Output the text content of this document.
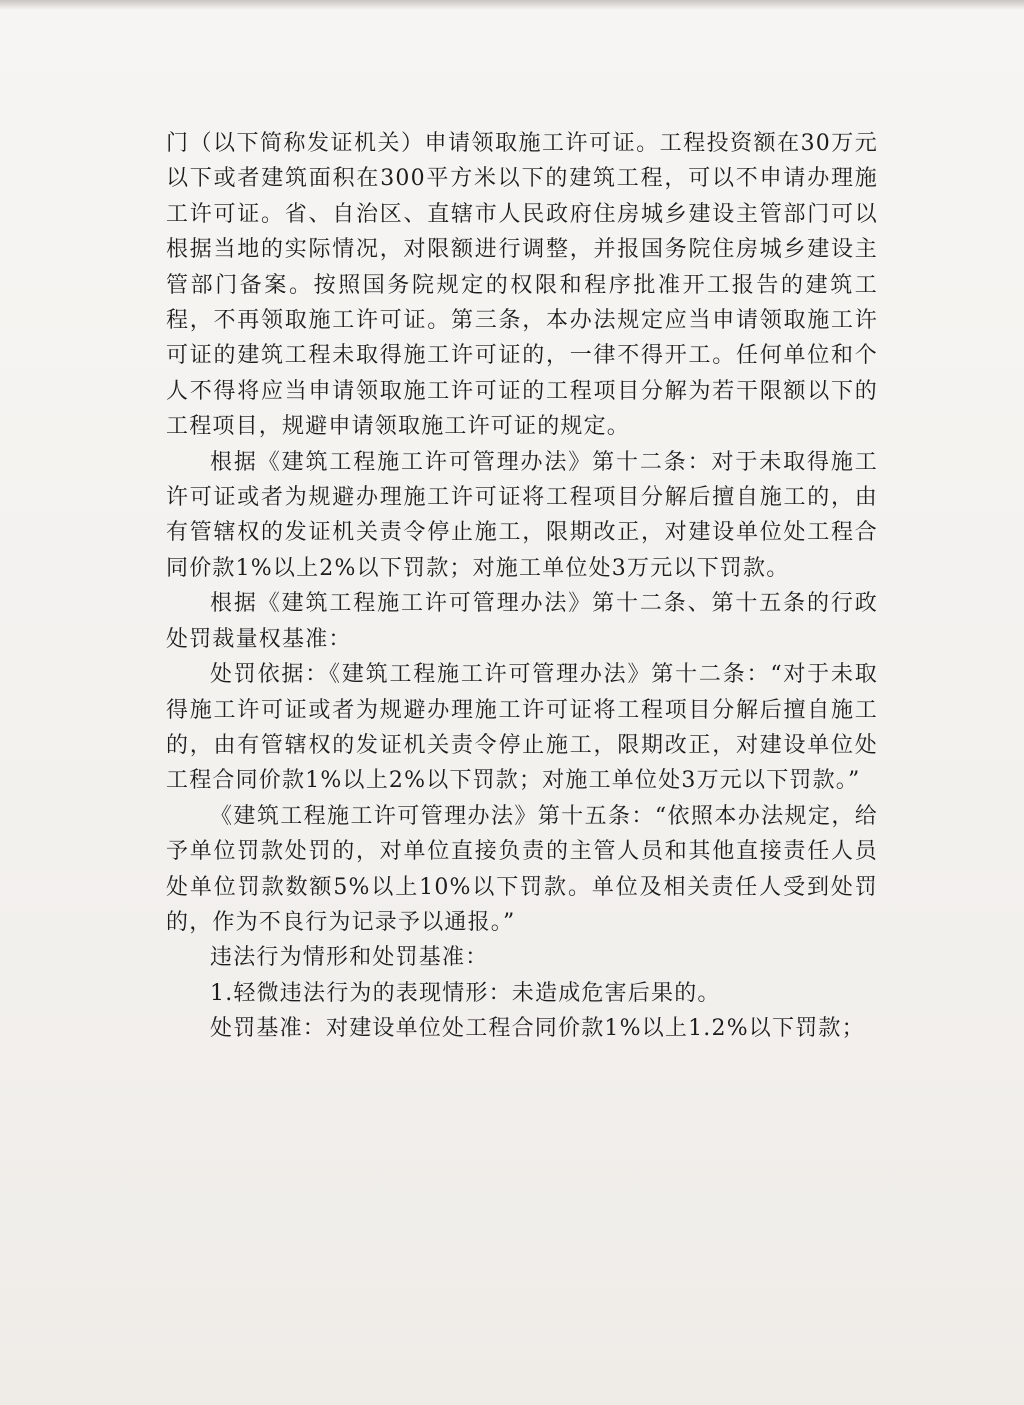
门（以下简称发证机关）申请领取施工许可证。工程投资额在30万元以下或者建筑面积在300平方米以下的建筑工程，可以不申请办理施工许可证。省、自治区、直辖市人民政府住房城乡建设主管部门可以根据当地的实际情况，对限额进行调整，并报国务院住房城乡建设主管部门备案。按照国务院规定的权限和程序批准开工报告的建筑工程，不再领取施工许可证。第三条，本办法规定应当申请领取施工许可证的建筑工程未取得施工许可证的，一律不得开工。任何单位和个人不得将应当申请领取施工许可证的工程项目分解为若干限额以下的工程项目，规避申请领取施工许可证的规定。

根据《建筑工程施工许可管理办法》第十二条：对于未取得施工许可证或者为规避办理施工许可证将工程项目分解后擅自施工的，由有管辖权的发证机关责令停止施工，限期改正，对建设单位处工程合同价款1%以上2%以下罚款；对施工单位处3万元以下罚款。

根据《建筑工程施工许可管理办法》第十二条、第十五条的行政处罚裁量权基准：

处罚依据：《建筑工程施工许可管理办法》第十二条：“对于未取得施工许可证或者为规避办理施工许可证将工程项目分解后擅自施工的，由有管辖权的发证机关责令停止施工，限期改正，对建设单位处工程合同价款1%以上2%以下罚款；对施工单位处3万元以下罚款。”

《建筑工程施工许可管理办法》第十五条：“依照本办法规定，给予单位罚款处罚的，对单位直接负责的主管人员和其他直接责任人员处单位罚款数额5%以上10%以下罚款。单位及相关责任人受到处罚的，作为不良行为记录予以通报。”

违法行为情形和处罚基准：

1.轻微违法行为的表现情形：未造成危害后果的。

处罚基准：对建设单位处工程合同价款1%以上1.2%以下罚款；
